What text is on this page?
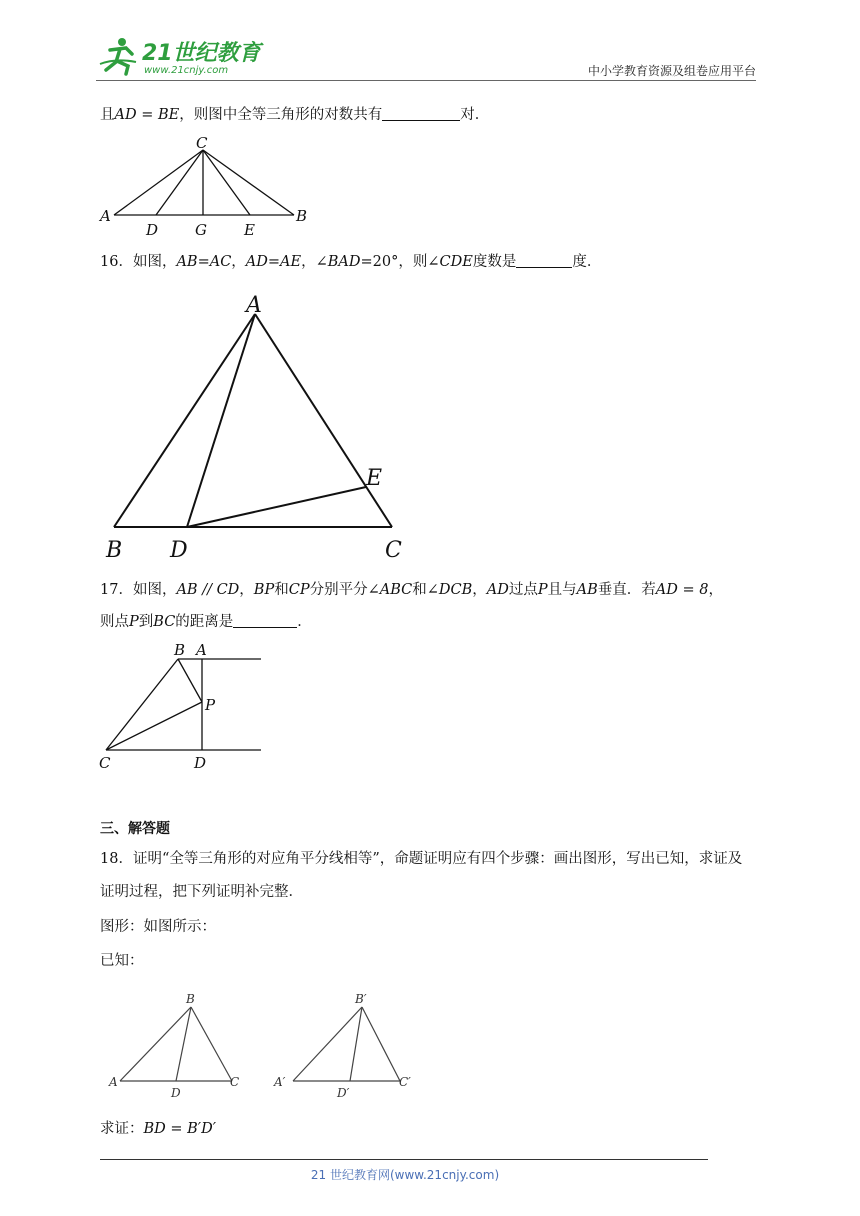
21世纪教育
www.21cnjy.com	中小学教育资源及组卷应用平台
且AD = BE，则图中全等三角形的对数共有	对．
C
A
D G E
B
16．如图，AB=AC，AD=AE，∠BAD=20°，则∠CDE度数是	度．
A
E
B D	C
17．如图，AB // CD，BP和CP分别平分∠ABC和∠DCB，AD过点P且与AB垂直．若AD = 8，
则点P到BC的距离是	．
B A
P
C	D
三、解答题
18．证明“全等三角形的对应角平分线相等”，命题证明应有四个步骤：画出图形，写出已知，求证及
证明过程，把下列证明补完整．
图形：如图所示：
已知：
B
A
D
C
B′
A′
D′
C′
求证：BD = B′D′
21 世纪教育网(www.21cnjy.com)
